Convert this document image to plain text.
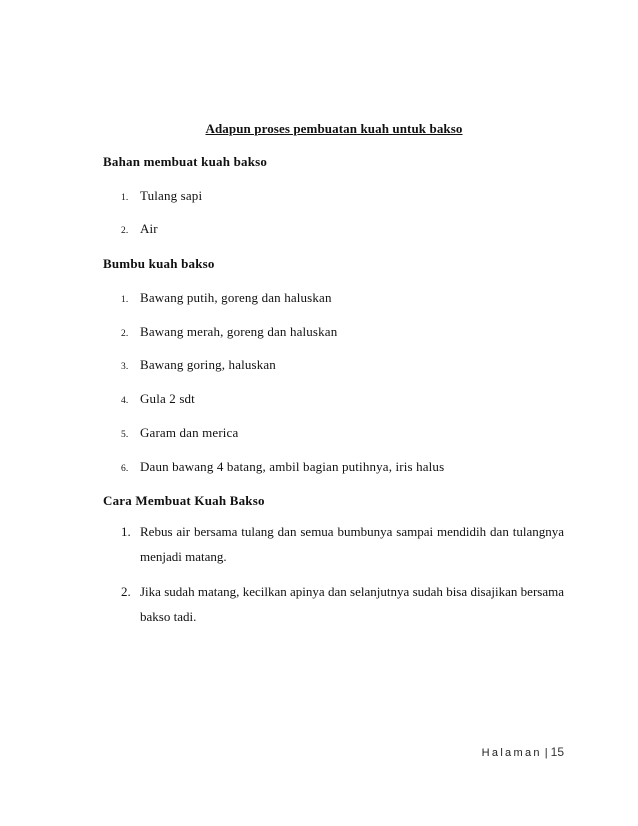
Adapun proses pembuatan kuah untuk bakso

Bahan membuat kuah bakso

1. Tulang sapi

2. Air

Bumbu kuah bakso

1. Bawang putih, goreng dan haluskan

2. Bawang merah, goreng dan haluskan

3. Bawang goring, haluskan

4. Gula 2 sdt

5. Garam dan merica

6. Daun bawang 4 batang, ambil bagian putihnya, iris halus

Cara Membuat Kuah Bakso

1. Rebus air bersama tulang dan semua bumbunya sampai mendidih dan tulangnya menjadi matang.
2. Jika sudah matang, kecilkan apinya dan selanjutnya sudah bisa disajikan bersama bakso tadi.
Halaman | 15
